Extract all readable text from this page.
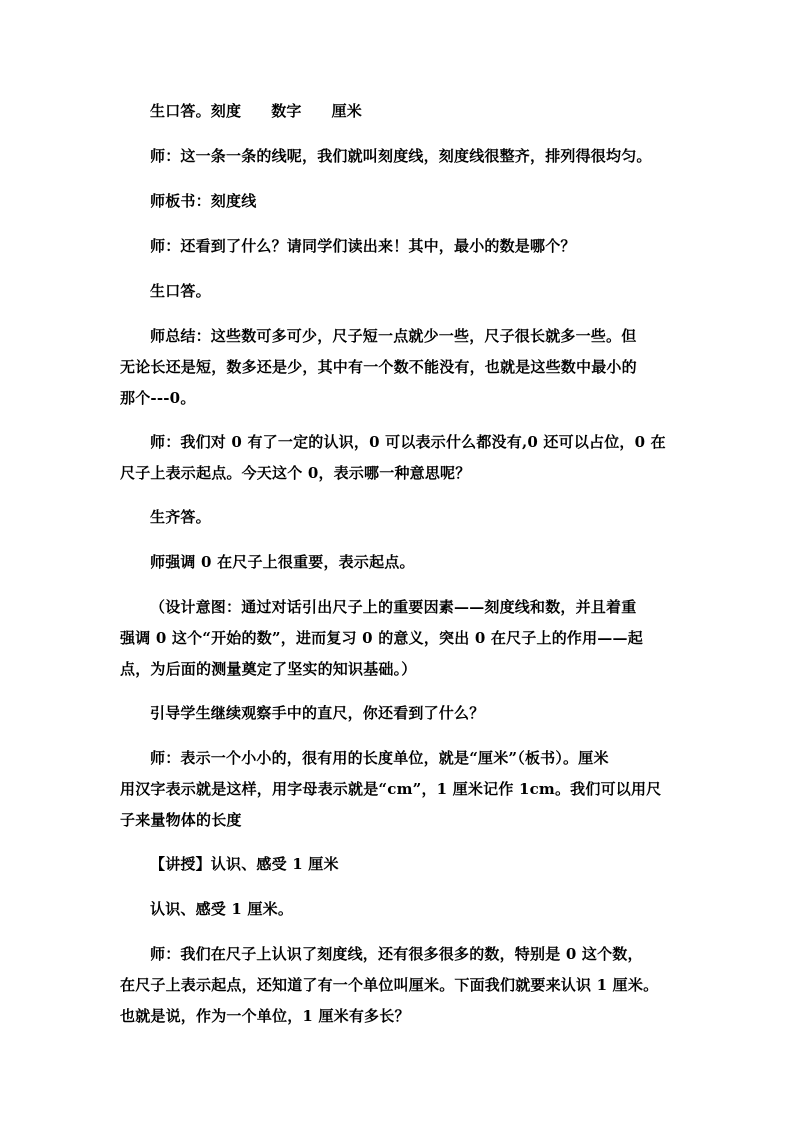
生口答。刻度 数字 厘米
师：这一条一条的线呢，我们就叫刻度线，刻度线很整齐，排列得很均匀。
师板书：刻度线
师：还看到了什么？请同学们读出来！其中，最小的数是哪个？
生口答。
师总结：这些数可多可少，尺子短一点就少一些，尺子很长就多一些。但
无论长还是短，数多还是少，其中有一个数不能没有，也就是这些数中最小的
那个---0。
师：我们对 0 有了一定的认识，0 可以表示什么都没有,0 还可以占位，0 在
尺子上表示起点。今天这个 0，表示哪一种意思呢？
生齐答。
师强调 0 在尺子上很重要，表示起点。
（设计意图：通过对话引出尺子上的重要因素——刻度线和数，并且着重
强调 0 这个“开始的数”，进而复习 0 的意义，突出 0 在尺子上的作用——起
点，为后面的测量奠定了坚实的知识基础。）
引导学生继续观察手中的直尺，你还看到了什么？
师：表示一个小小的，很有用的长度单位，就是“厘米”（板书）。厘米
用汉字表示就是这样，用字母表示就是“cm”，1 厘米记作 1cm。我们可以用尺
子来量物体的长度
【讲授】认识、感受 1 厘米
认识、感受 1 厘米。
师：我们在尺子上认识了刻度线，还有很多很多的数，特别是 0 这个数，
在尺子上表示起点，还知道了有一个单位叫厘米。下面我们就要来认识 1 厘米。
也就是说，作为一个单位，1 厘米有多长？
